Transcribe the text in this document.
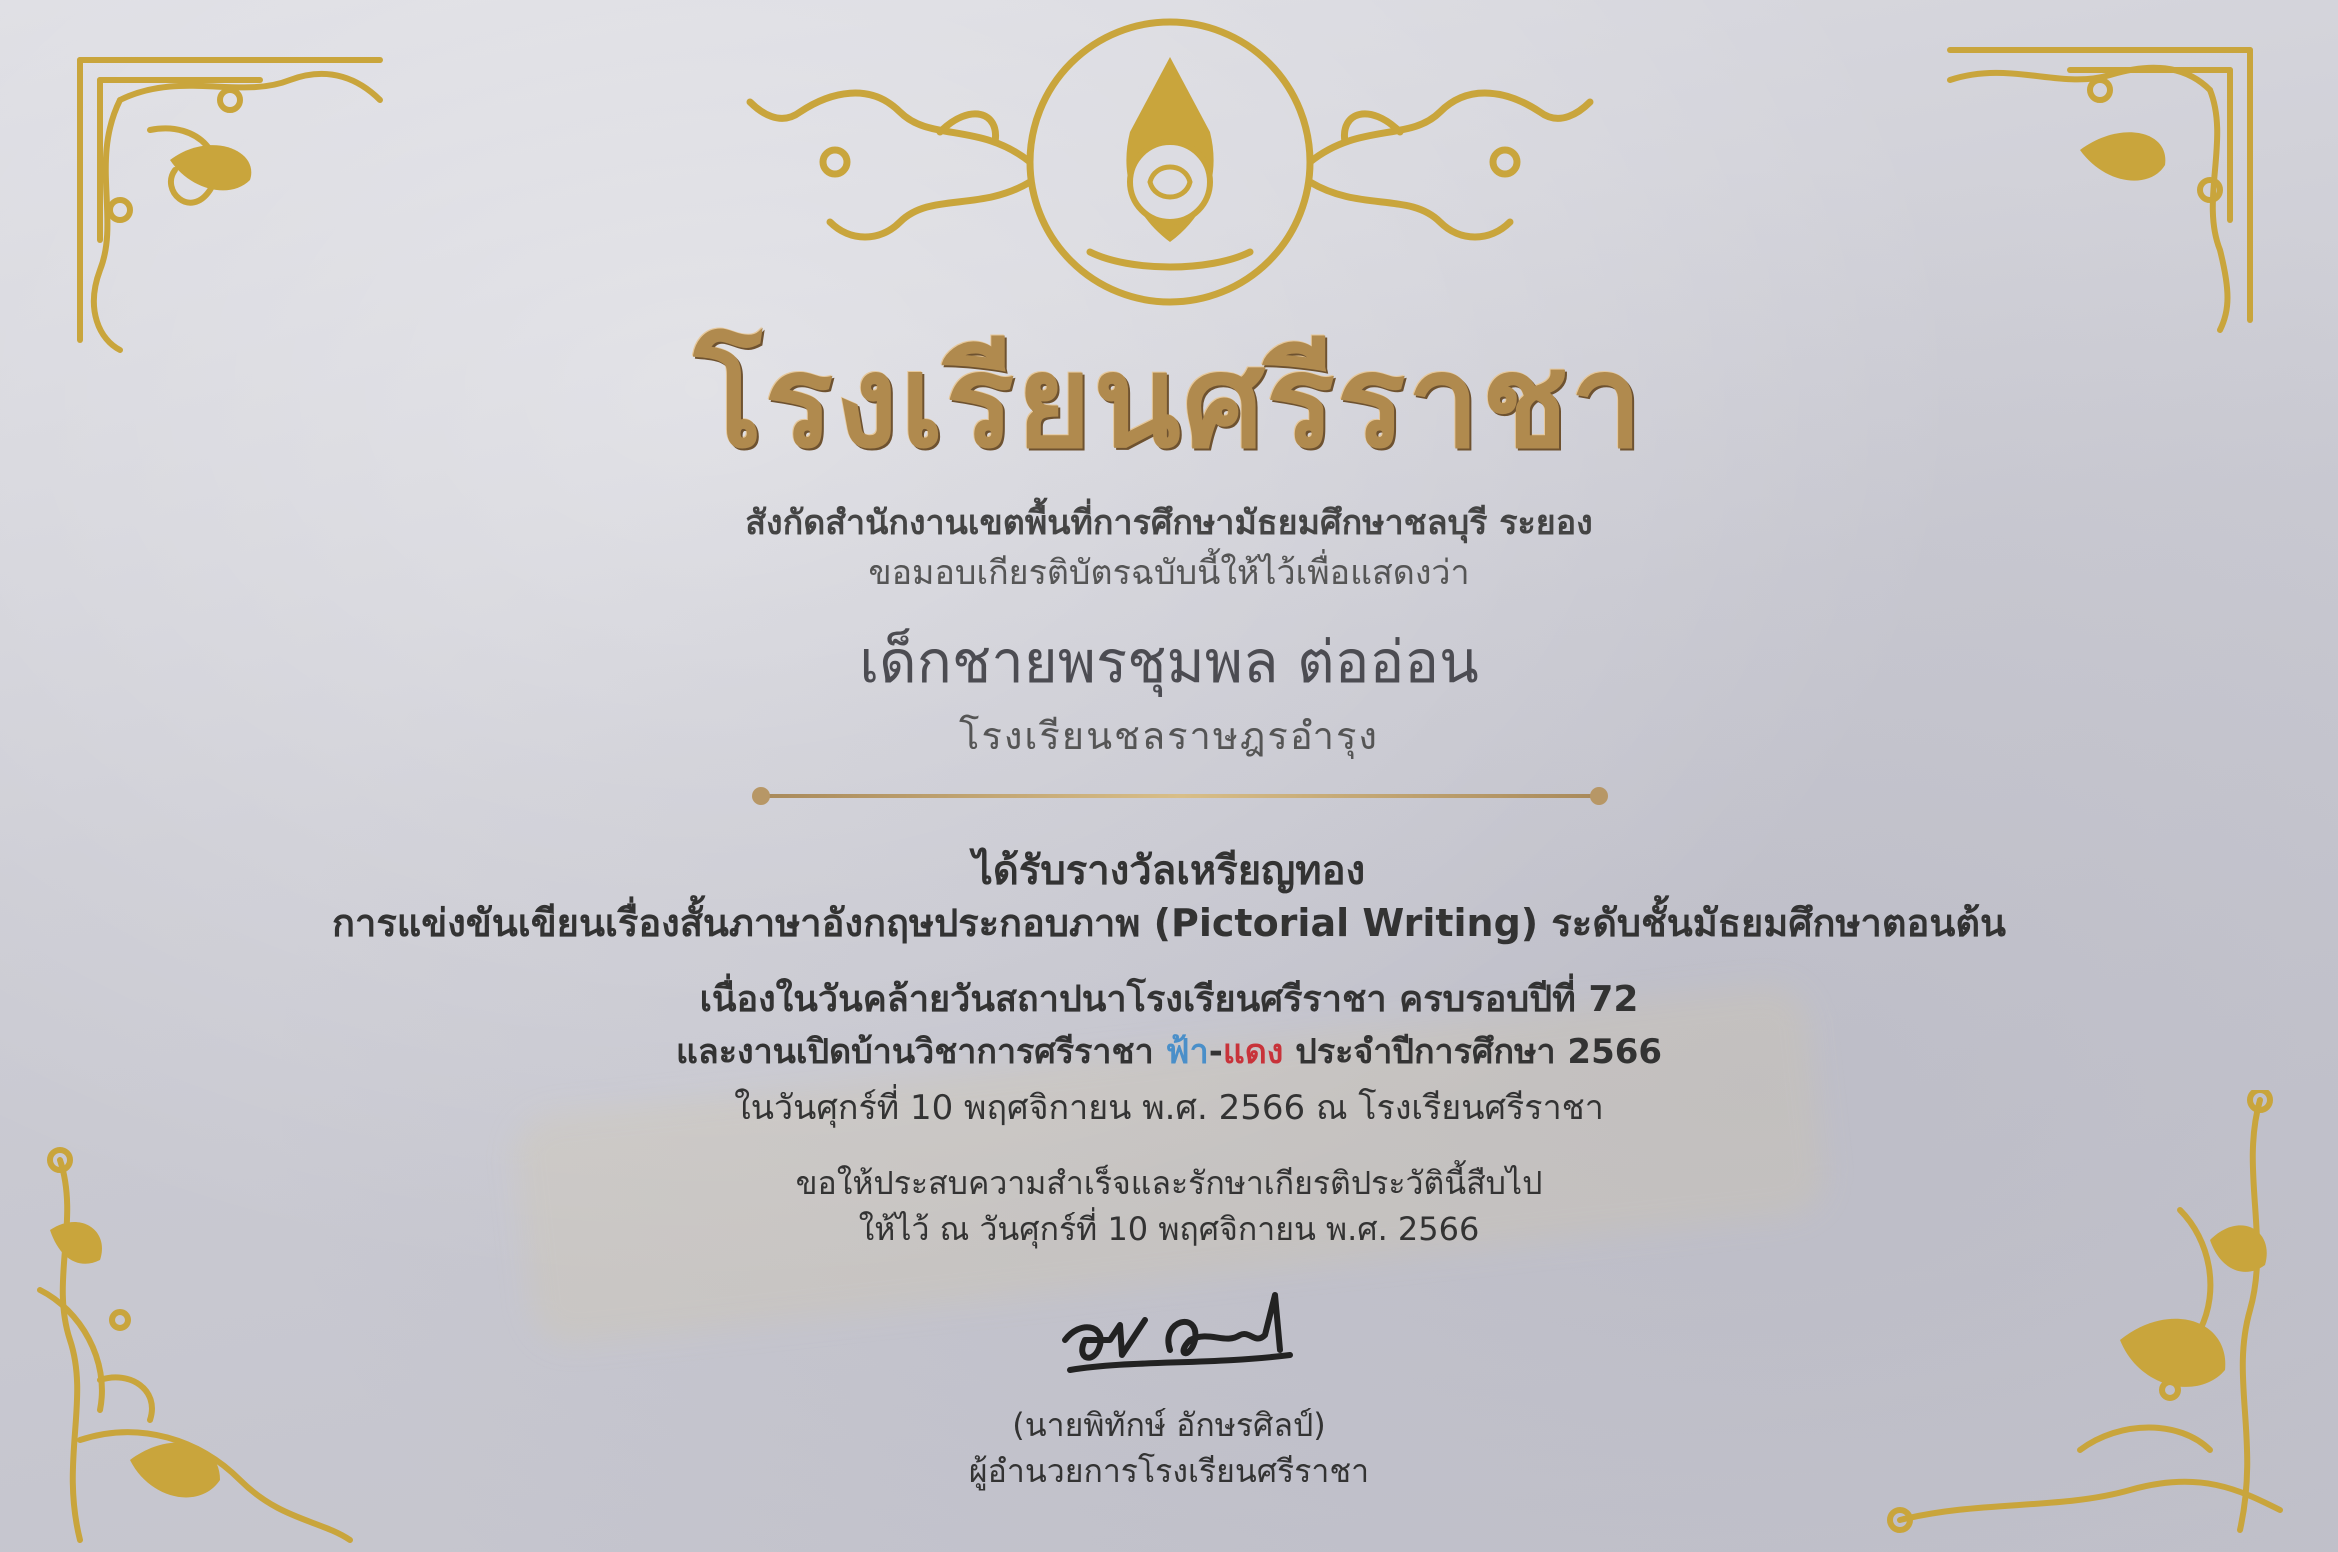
โรงเรียนศรีราชา
สังกัดสำนักงานเขตพื้นที่การศึกษามัธยมศึกษาชลบุรี ระยอง
ขอมอบเกียรติบัตรฉบับนี้ให้ไว้เพื่อแสดงว่า
เด็กชายพรชุมพล ต่ออ่อน
โรงเรียนชลราษฎรอำรุง
ได้รับรางวัลเหรียญทอง
การแข่งขันเขียนเรื่องสั้นภาษาอังกฤษประกอบภาพ (Pictorial Writing) ระดับชั้นมัธยมศึกษาตอนต้น
เนื่องในวันคล้ายวันสถาปนาโรงเรียนศรีราชา ครบรอบปีที่ 72
และงานเปิดบ้านวิชาการศรีราชา ฟ้า-แดง ประจำปีการศึกษา 2566
ในวันศุกร์ที่ 10 พฤศจิกายน พ.ศ. 2566 ณ โรงเรียนศรีราชา
ขอให้ประสบความสำเร็จและรักษาเกียรติประวัตินี้สืบไป
ให้ไว้ ณ วันศุกร์ที่ 10 พฤศจิกายน พ.ศ. 2566
(นายพิทักษ์ อักษรศิลป์)
ผู้อำนวยการโรงเรียนศรีราชา
